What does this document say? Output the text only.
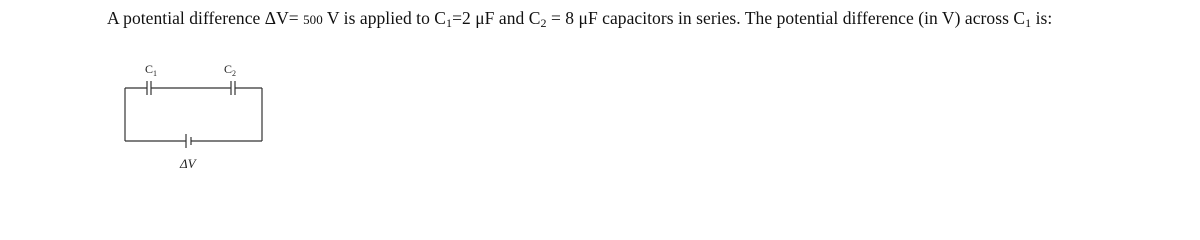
A potential difference ΔV= 500 V is applied to $C_1=2$ μF and $C_2 = 8$ μF capacitors in series. The potential difference (in V) across $C_1$ is:
$C_1$	$C_2$
ΔV
